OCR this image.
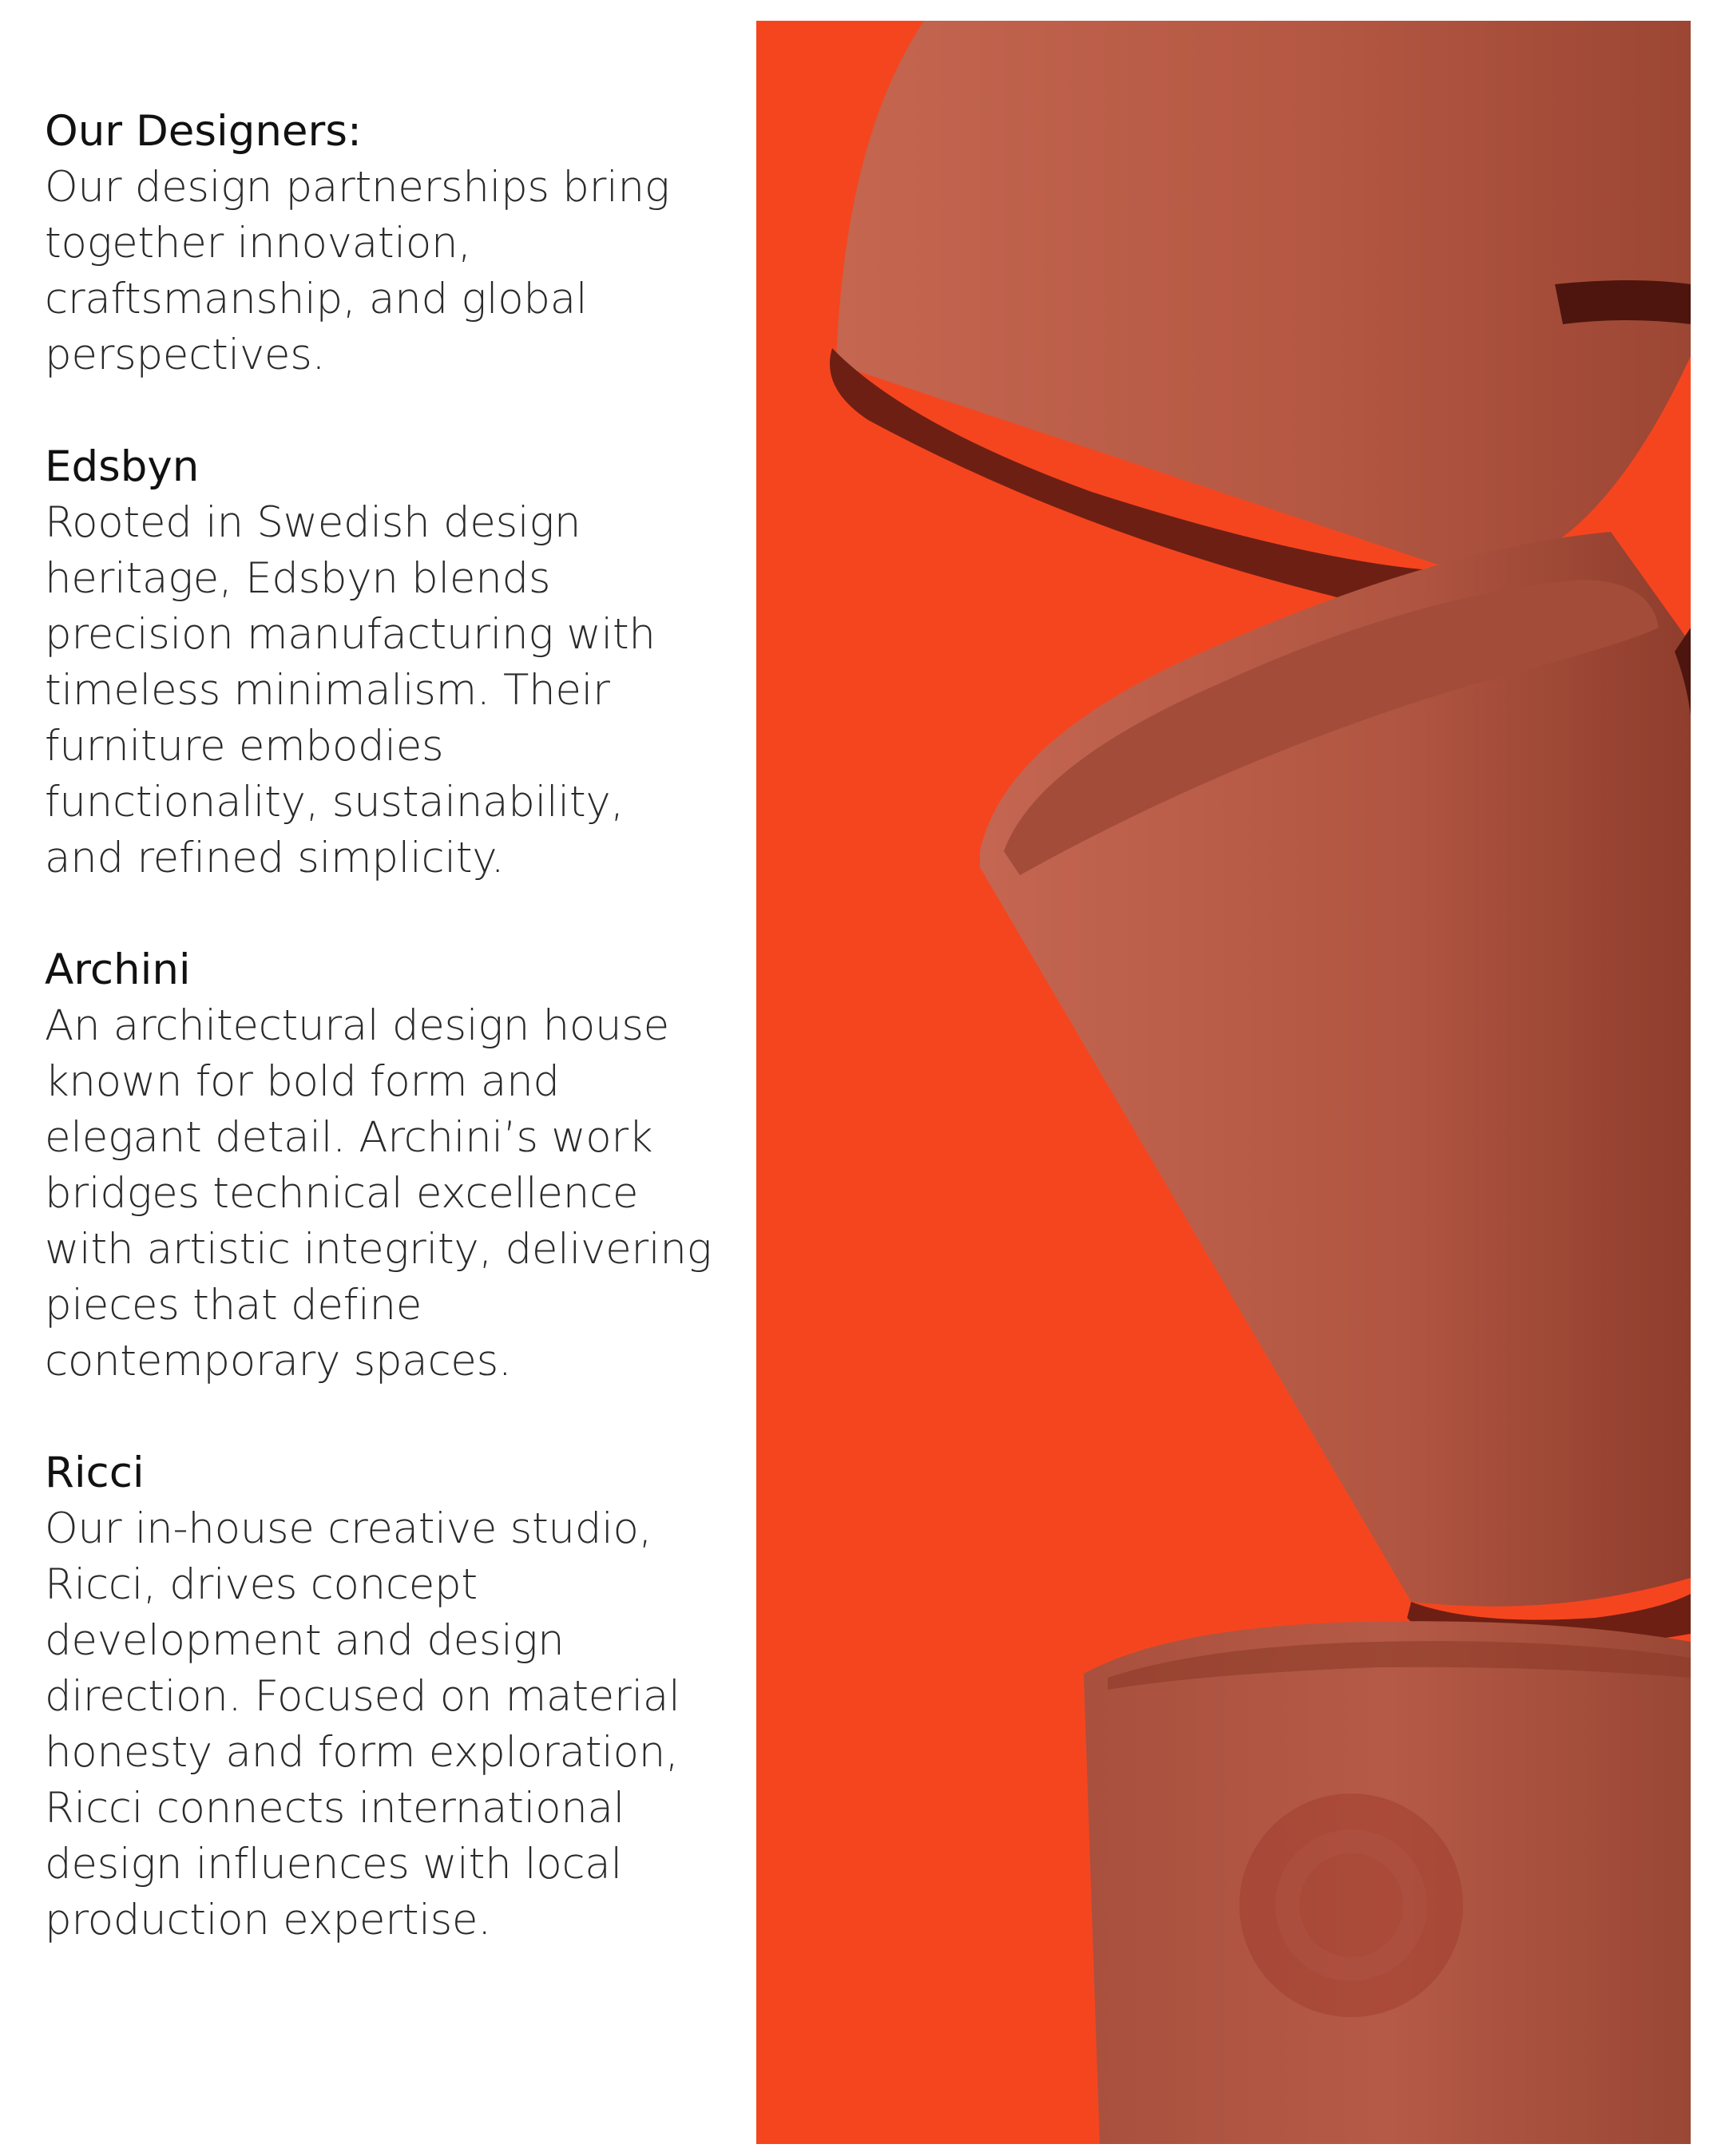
Our Designers:

Our design partnerships bring together innovation, craftsmanship, and global perspectives.

Edsbyn

Rooted in Swedish design heritage, Edsbyn blends precision manufacturing with timeless minimalism. Their furniture embodies functionality, sustainability, and refined simplicity.

Archini

An architectural design house known for bold form and elegant detail. Archini’s work bridges technical excellence with artistic integrity, delivering pieces that define contemporary spaces.

Ricci

Our in-house creative studio, Ricci, drives concept development and design direction. Focused on material honesty and form exploration, Ricci connects international design influences with local production expertise.
